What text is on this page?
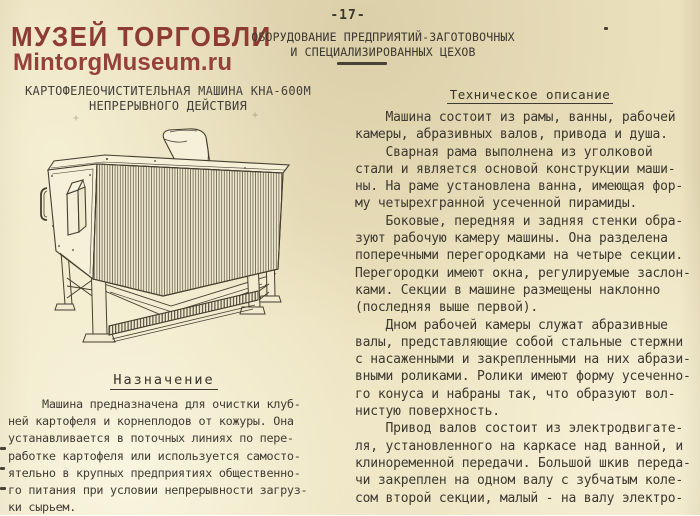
-17-
МУЗЕЙ ТОРГОВЛИ
MintorgMuseum.ru
ОБОРУДОВАНИЕ ПРЕДПРИЯТИЙ-ЗАГОТОВОЧНЫХ
И СПЕЦИАЛИЗИРОВАННЫХ ЦЕХОВ
КАРТОФЕЛЕОЧИСТИТЕЛЬНАЯ МАШИНА КНА-600М
НЕПРЕРЫВНОГО ДЕЙСТВИЯ
Назначение
Машина предназначена для очистки клуб-
ней картофеля и корнеплодов от кожуры. Она
устанавливается в поточных линиях по пере-
работке картофеля или используется самосто-
ятельно в крупных предприятиях общественно-
го питания при условии непрерывности загруз-
ки сырьем.
Техническое описание
Машина состоит из рамы, ванны, рабочей
камеры, абразивных валов, привода и душа.
Сварная рама выполнена из уголковой
стали и является основой конструкции маши-
ны. На раме установлена ванна, имеющая фор-
му четырехгранной усеченной пирамиды.
Боковые, передняя и задняя стенки обра-
зуют рабочую камеру машины. Она разделена
поперечными перегородками на четыре секции.
Перегородки имеют окна, регулируемые заслон-
ками. Секции в машине размещены наклонно
(последняя выше первой).
Дном рабочей камеры служат абразивные
валы, представляющие собой стальные стержни
с насаженными и закрепленными на них абрази-
вными роликами. Ролики имеют форму усеченно-
го конуса и набраны так, что образуют вол-
нистую поверхность.
Привод валов состоит из электродвигате-
ля, установленного на каркасе над ванной, и
клиноременной передачи. Большой шкив переда-
чи закреплен на одном валу с зубчатым коле-
сом второй секции, малый - на валу электро-
+	+
